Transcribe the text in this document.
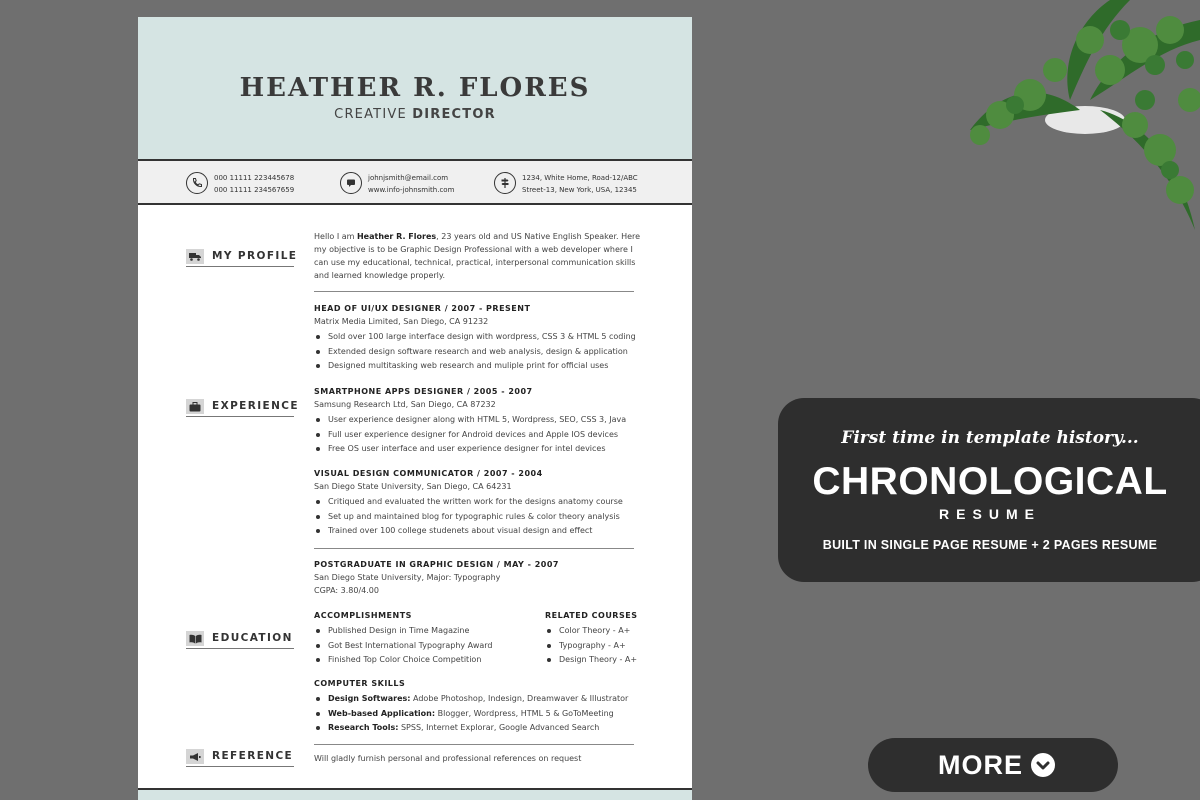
HEATHER R. FLORES
CREATIVE DIRECTOR
000 11111 223445678
000 11111 234567659
johnjsmith@email.com
www.info-johnsmith.com
1234, White Home, Road-12/ABC
Street-13, New York, USA, 12345
MY PROFILE
EXPERIENCE
EDUCATION
REFERENCE
Hello I am Heather R. Flores, 23 years old and US Native English Speaker. Here
my objective is to be Graphic Design Professional with a web developer where I
can use my educational, technical, practical, interpersonal communication skills
and learned knowledge properly.
HEAD OF UI/UX DESIGNER / 2007 - PRESENT
Matrix Media Limited, San Diego, CA 91232
Sold over 100 large interface design with wordpress, CSS 3 & HTML 5 coding
Extended design software research and web analysis, design & application
Designed multitasking web research and muliple print for official uses
SMARTPHONE APPS DESIGNER / 2005 - 2007
Samsung Research Ltd, San Diego, CA 87232
User experience designer along with HTML 5, Wordpress, SEO, CSS 3, Java
Full user experience designer for Android devices and Apple IOS devices
Free OS user interface and user experience designer for intel devices
VISUAL DESIGN COMMUNICATOR / 2007 - 2004
San Diego State University, San Diego, CA 64231
Critiqued and evaluated the written work for the designs anatomy course
Set up and maintained blog for typographic rules & color theory analysis
Trained over 100 college studenets about visual design and effect
POSTGRADUATE IN GRAPHIC DESIGN / MAY - 2007
San Diego State University, Major: Typography
CGPA: 3.80/4.00
ACCOMPLISHMENTS
Published Design in Time Magazine
Got Best International Typography Award
Finished Top Color Choice Competition
RELATED COURSES
Color Theory - A+
Typography - A+
Design Theory - A+
COMPUTER SKILLS
Design Softwares: Adobe Photoshop, Indesign, Dreamwaver & Illustrator
Web-based Application: Blogger, Wordpress, HTML 5 & GoToMeeting
Research Tools: SPSS, Internet Explorar, Google Advanced Search
Will gladly furnish personal and professional references on request
First time in template history...
CHRONOLOGICAL
RESUME
BUILT IN SINGLE PAGE RESUME + 2 PAGES RESUME
MORE
